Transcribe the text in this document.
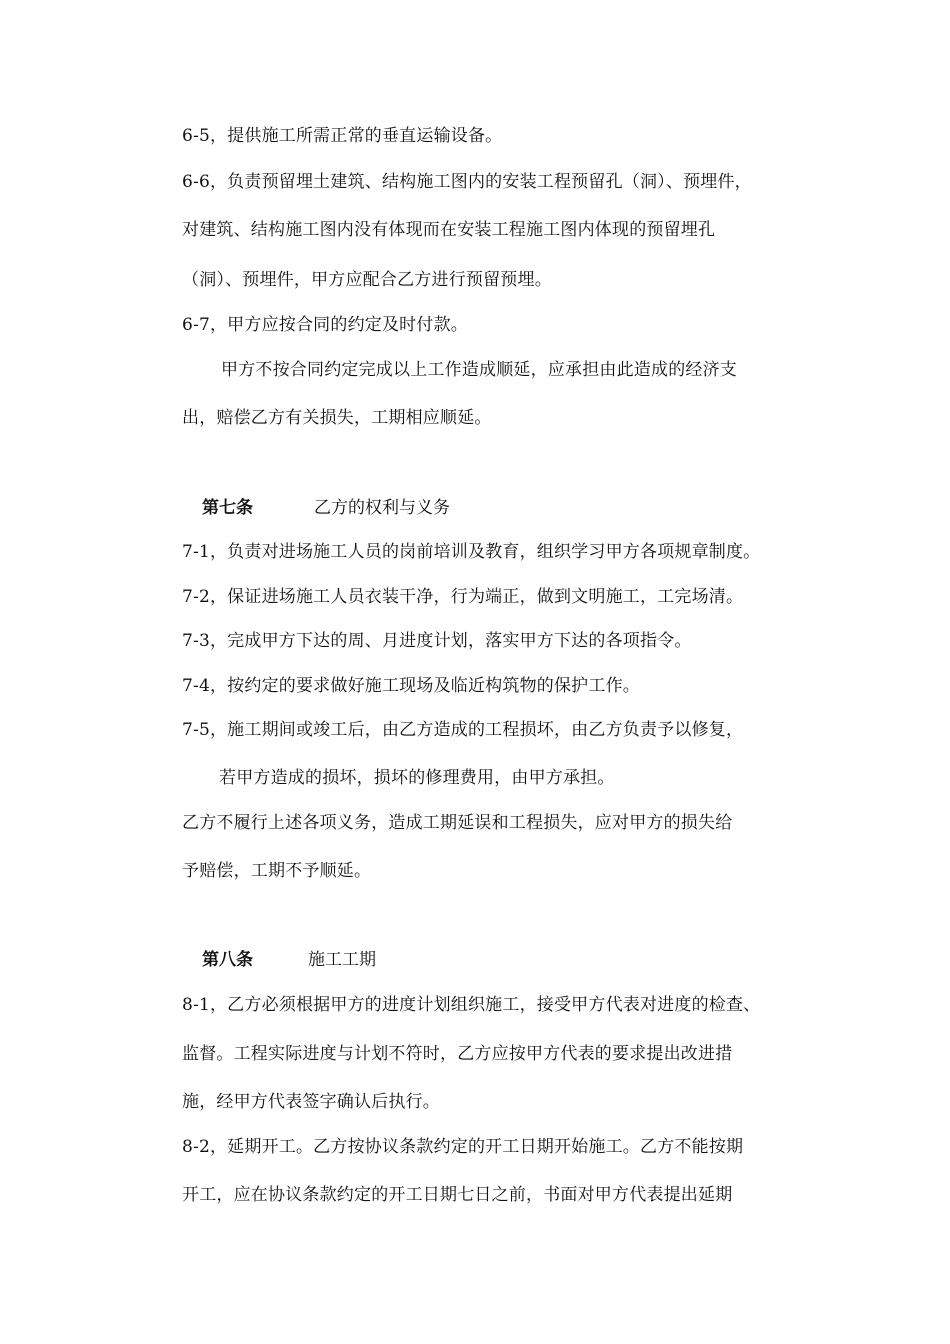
6-5，提供施工所需正常的垂直运输设备。
6-6，负责预留埋土建筑、结构施工图内的安装工程预留孔（洞）、预埋件，
对建筑、结构施工图内没有体现而在安装工程施工图内体现的预留埋孔
（洞）、预埋件，甲方应配合乙方进行预留预埋。
6-7，甲方应按合同的约定及时付款。
甲方不按合同约定完成以上工作造成顺延，应承担由此造成的经济支
出，赔偿乙方有关损失，工期相应顺延。
第七条	乙方的权利与义务
7-1，负责对进场施工人员的岗前培训及教育，组织学习甲方各项规章制度。
7-2，保证进场施工人员衣装干净，行为端正，做到文明施工，工完场清。
7-3，完成甲方下达的周、月进度计划，落实甲方下达的各项指令。
7-4，按约定的要求做好施工现场及临近构筑物的保护工作。
7-5，施工期间或竣工后，由乙方造成的工程损坏，由乙方负责予以修复，
若甲方造成的损坏，损坏的修理费用，由甲方承担。
乙方不履行上述各项义务，造成工期延误和工程损失，应对甲方的损失给
予赔偿，工期不予顺延。
第八条	施工工期
8-1，乙方必须根据甲方的进度计划组织施工，接受甲方代表对进度的检查、
监督。工程实际进度与计划不符时，乙方应按甲方代表的要求提出改进措
施，经甲方代表签字确认后执行。
8-2，延期开工。乙方按协议条款约定的开工日期开始施工。乙方不能按期
开工，应在协议条款约定的开工日期七日之前，书面对甲方代表提出延期
